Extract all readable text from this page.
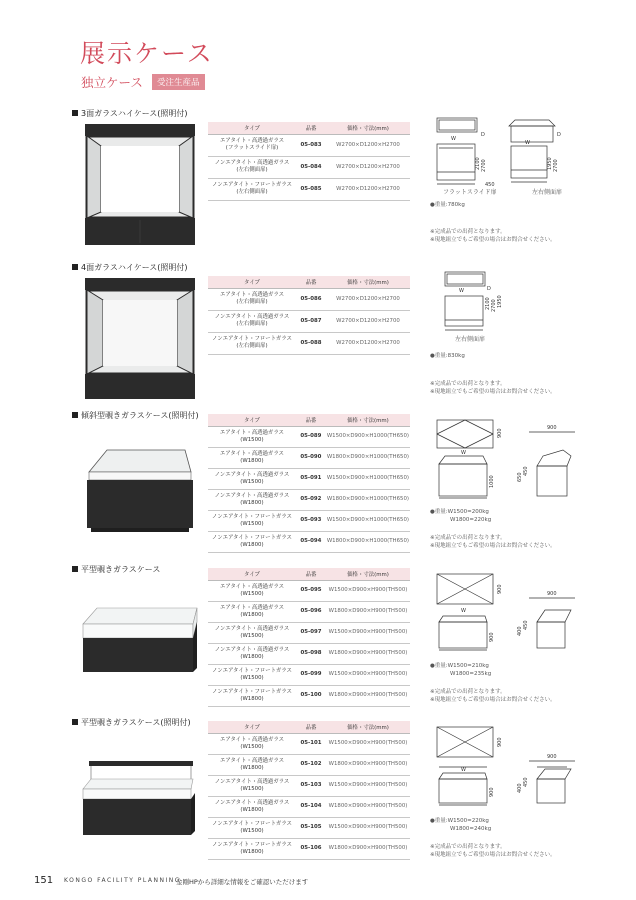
展示ケース
独立ケース	受注生産品
3面ガラスハイケース(照明付)
タイプ	品番	価格・寸法(mm)
エアタイト・高透過ガラス
(フラットスライド扉)	05-083	W2700×D1200×H2700
ノンエアタイト・高透過ガラス
(左右側面扉)	05-084	W2700×D1200×H2700
ノンエアタイト・フロートガラス
(左右側面扉)	05-085	W2700×D1200×H2700
W
D
W
D
2100 2700	1950 2700
450
フラットスライド扉	左右側面扉
●重量:780kg
※完成品での出荷となります。
※現地組立でもご希望の場合はお問合せください。
4面ガラスハイケース(照明付)
タイプ	品番	価格・寸法(mm)
エアタイト・高透過ガラス
(左右側面扉)	05-086	W2700×D1200×H2700
ノンエアタイト・高透過ガラス
(左右側面扉)	05-087	W2700×D1200×H2700
ノンエアタイト・フロートガラス
(左右側面扉)	05-088	W2700×D1200×H2700
W	D
2100 2700 1950
左右側面扉
●重量:830kg
※完成品での出荷となります。
※現地組立でもご希望の場合はお問合せください。
傾斜型覗きガラスケース(照明付)
タイプ	品番	価格・寸法(mm)
エアタイト・高透過ガラス
(W1500)	05-089	W1500×D900×H1000(TH650)
エアタイト・高透過ガラス
(W1800)	05-090	W1800×D900×H1000(TH650)
ノンエアタイト・高透過ガラス
(W1500)	05-091	W1500×D900×H1000(TH650)
ノンエアタイト・高透過ガラス
(W1800)	05-092	W1800×D900×H1000(TH650)
ノンエアタイト・フロートガラス
(W1500)	05-093	W1500×D900×H1000(TH650)
ノンエアタイト・フロートガラス
(W1800)	05-094	W1800×D900×H1000(TH650)
W
900
900
1000	650
450
●重量:W1500=200kg
W1800=220kg
※完成品での出荷となります。
※現地組立でもご希望の場合はお問合せください。
平型覗きガラスケース
タイプ	品番	価格・寸法(mm)
エアタイト・高透過ガラス
(W1500)	05-095	W1500×D900×H900(TH500)
エアタイト・高透過ガラス
(W1800)	05-096	W1800×D900×H900(TH500)
ノンエアタイト・高透過ガラス
(W1500)	05-097	W1500×D900×H900(TH500)
ノンエアタイト・高透過ガラス
(W1800)	05-098	W1800×D900×H900(TH500)
ノンエアタイト・フロートガラス
(W1500)	05-099	W1500×D900×H900(TH500)
ノンエアタイト・フロートガラス
(W1800)	05-100	W1800×D900×H900(TH500)
W
900
900
900
400
450
●重量:W1500=210kg
W1800=235kg
※完成品での出荷となります。
※現地組立でもご希望の場合はお問合せください。
平型覗きガラスケース(照明付)
タイプ	品番	価格・寸法(mm)
エアタイト・高透過ガラス
(W1500)	05-101	W1500×D900×H900(TH500)
エアタイト・高透過ガラス
(W1800)	05-102	W1800×D900×H900(TH500)
ノンエアタイト・高透過ガラス
(W1500)	05-103	W1500×D900×H900(TH500)
ノンエアタイト・高透過ガラス
(W1800)	05-104	W1800×D900×H900(TH500)
ノンエアタイト・フロートガラス
(W1500)	05-105	W1500×D900×H900(TH500)
ノンエアタイト・フロートガラス
(W1800)	05-106	W1800×D900×H900(TH500)
W
900
900
900	400
450
●重量:W1500=220kg
W1800=240kg
※完成品での出荷となります。
※現地組立でもご希望の場合はお問合せください。
151 KONGO FACILITY PLANNING
金剛HPから詳細な情報をご確認いただけます
